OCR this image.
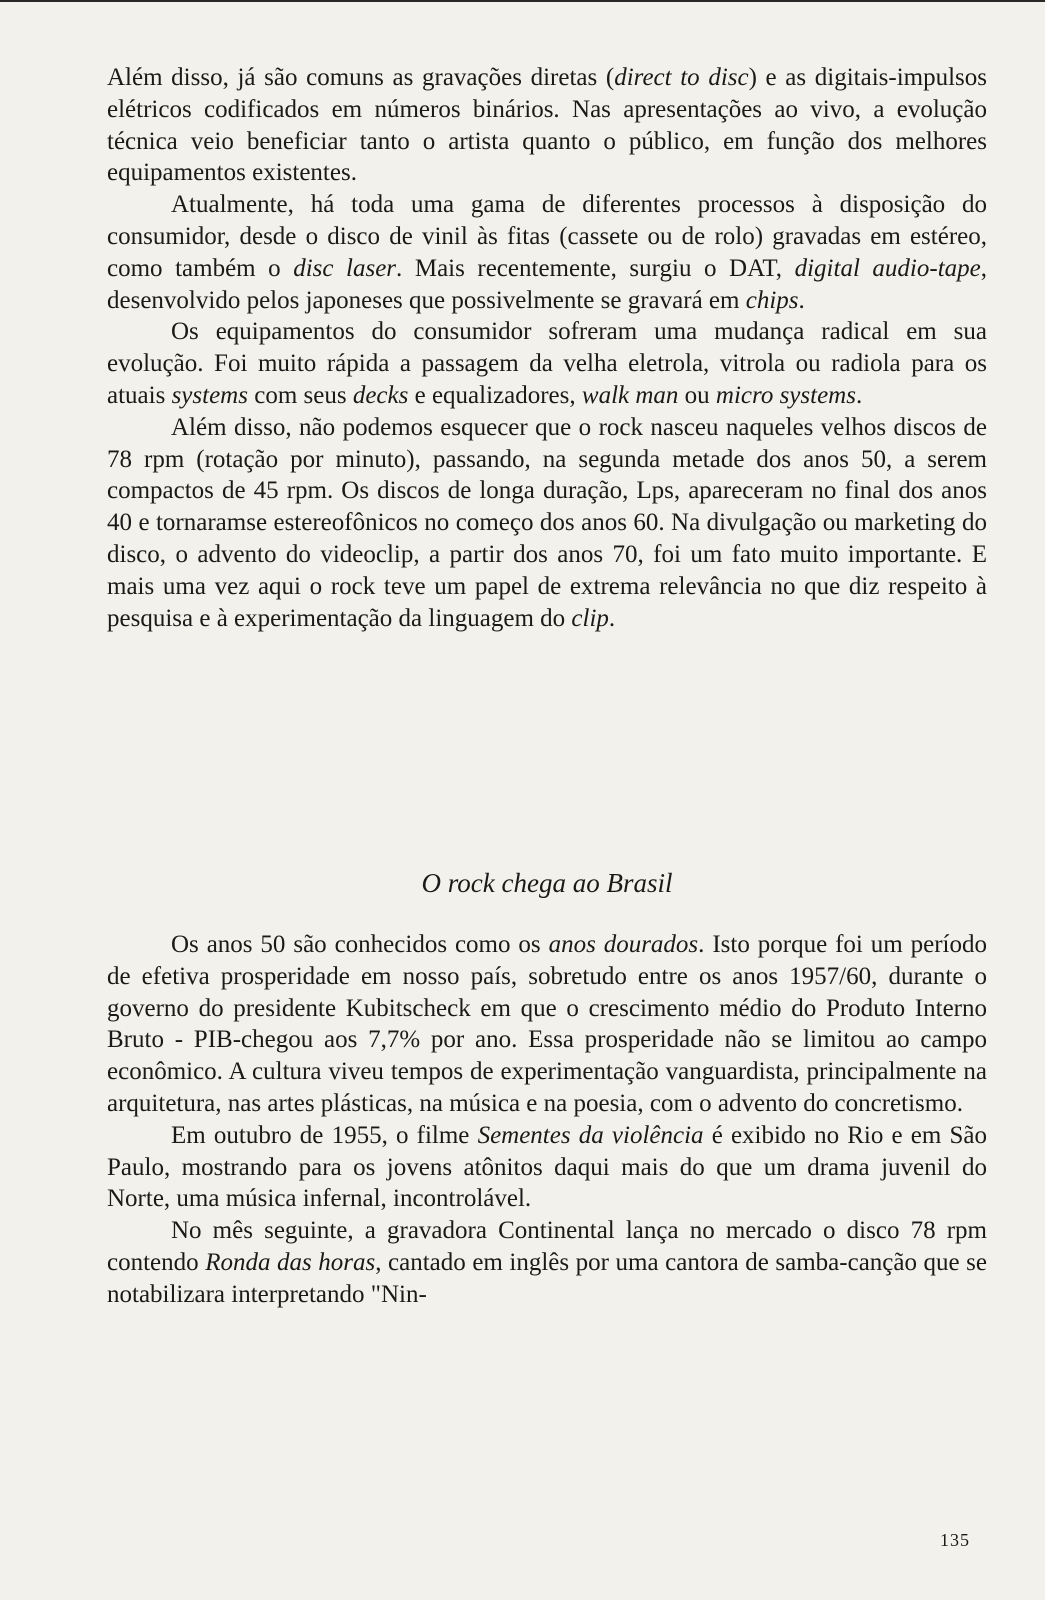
Além disso, já são comuns as gravações diretas (direct to disc) e as digitais-impulsos elétricos codificados em números binários. Nas apresentações ao vivo, a evolução técnica veio beneficiar tanto o artista quanto o público, em função dos melhores equipamentos existentes.

Atualmente, há toda uma gama de diferentes processos à disposição do consumidor, desde o disco de vinil às fitas (cassete ou de rolo) gravadas em estéreo, como também o disc laser. Mais recentemente, surgiu o DAT, digital audio-tape, desenvolvido pelos japoneses que possivelmente se gravará em chips.

Os equipamentos do consumidor sofreram uma mudança radical em sua evolução. Foi muito rápida a passagem da velha eletrola, vitrola ou radiola para os atuais systems com seus decks e equalizadores, walk man ou micro systems.

Além disso, não podemos esquecer que o rock nasceu naqueles velhos discos de 78 rpm (rotação por minuto), passando, na segunda metade dos anos 50, a serem compactos de 45 rpm. Os discos de longa duração, Lps, apareceram no final dos anos 40 e tornaramse estereofônicos no começo dos anos 60. Na divulgação ou marketing do disco, o advento do videoclip, a partir dos anos 70, foi um fato muito importante. E mais uma vez aqui o rock teve um papel de extrema relevância no que diz respeito à pesquisa e à experimentação da linguagem do clip.

O rock chega ao Brasil

Os anos 50 são conhecidos como os anos dourados. Isto porque foi um período de efetiva prosperidade em nosso país, sobretudo entre os anos 1957/60, durante o governo do presidente Kubitscheck em que o crescimento médio do Produto Interno Bruto - PIB-chegou aos 7,7% por ano. Essa prosperidade não se limitou ao campo econômico. A cultura viveu tempos de experimentação vanguardista, principalmente na arquitetura, nas artes plásticas, na música e na poesia, com o advento do concretismo.

Em outubro de 1955, o filme Sementes da violência é exibido no Rio e em São Paulo, mostrando para os jovens atônitos daqui mais do que um drama juvenil do Norte, uma música infernal, incontrolável.

No mês seguinte, a gravadora Continental lança no mercado o disco 78 rpm contendo Ronda das horas, cantado em inglês por uma cantora de samba-canção que se notabilizara interpretando "Nin-

135
